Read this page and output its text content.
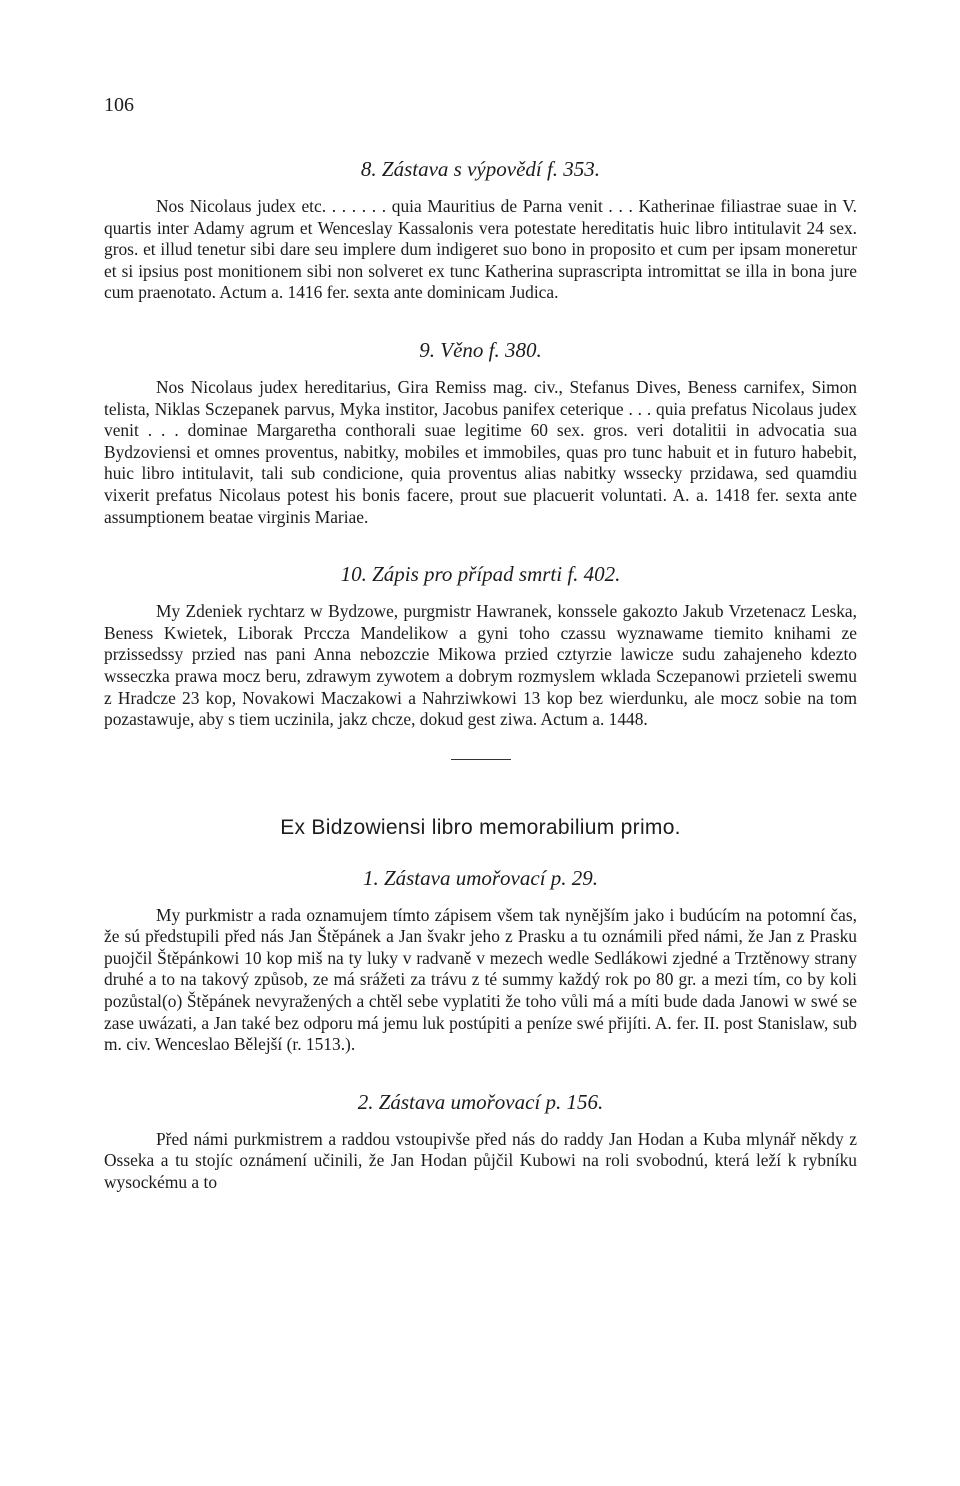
106
8. Zástava s výpovědí f. 353.

Nos Nicolaus judex etc. . . . . . . quia Mauritius de Parna venit . . . Katherinae filiastrae suae in V. quartis inter Adamy agrum et Wenceslay Kassalonis vera potestate hereditatis huic libro intitulavit 24 sex. gros. et illud tenetur sibi dare seu implere dum indigeret suo bono in proposito et cum per ipsam moneretur et si ipsius post monitionem sibi non solveret ex tunc Katherina suprascripta intromittat se illa in bona jure cum praenotato. Actum a. 1416 fer. sexta ante dominicam Judica.

9. Věno f. 380.

Nos Nicolaus judex hereditarius, Gira Remiss mag. civ., Stefanus Dives, Beness carnifex, Simon telista, Niklas Sczepanek parvus, Myka institor, Jacobus panifex ceterique . . . quia prefatus Nicolaus judex venit . . . dominae Margaretha conthorali suae legitime 60 sex. gros. veri dotalitii in advocatia sua Bydzoviensi et omnes proventus, nabitky, mobiles et immobiles, quas pro tunc habuit et in futuro habebit, huic libro intitulavit, tali sub condicione, quia proventus alias nabitky wssecky przidawa, sed quamdiu vixerit prefatus Nicolaus potest his bonis facere, prout sue placuerit voluntati. A. a. 1418 fer. sexta ante assumptionem beatae virginis Mariae.

10. Zápis pro případ smrti f. 402.

My Zdeniek rychtarz w Bydzowe, purgmistr Hawranek, konssele gakozto Jakub Vrzetenacz Leska, Beness Kwietek, Liborak Prccza Mandelikow a gyni toho czassu wyznawame tiemito knihami ze przissedssy przied nas pani Anna nebozczie Mikowa przied cztyrzie lawicze sudu zahajeneho kdezto wsseczka prawa mocz beru, zdrawym zywotem a dobrym rozmyslem wklada Sczepanowi przieteli swemu z Hradcze 23 kop, Novakowi Maczakowi a Nahrziwkowi 13 kop bez wierdunku, ale mocz sobie na tom pozastawuje, aby s tiem uczinila, jakz chcze, dokud gest ziwa. Actum a. 1448.

Ex Bidzowiensi libro memorabilium primo.
1. Zástava umořovací p. 29.

My purkmistr a rada oznamujem tímto zápisem všem tak nynějším jako i budúcím na potomní čas, že sú předstupili před nás Jan Štěpánek a Jan švakr jeho z Prasku a tu oznámili před námi, že Jan z Prasku puojčil Štěpánkowi 10 kop miš na ty luky v radvaně v mezech wedle Sedlákowi zjedné a Trztěnowy strany druhé a to na takový způsob, ze má srážeti za trávu z té summy každý rok po 80 gr. a mezi tím, co by koli pozůstal(o) Štěpánek nevyražených a chtěl sebe vyplatiti že toho vůli má a míti bude dada Janowi w swé se zase uwázati, a Jan také bez odporu má jemu luk postúpiti a peníze swé přijíti. A. fer. II. post Stanislaw, sub m. civ. Wenceslao Bělejší (r. 1513.).

2. Zástava umořovací p. 156.

Před námi purkmistrem a raddou vstoupivše před nás do raddy Jan Hodan a Kuba mlynář někdy z Osseka a tu stojíc oznámení učinili, že Jan Hodan půjčil Kubowi na roli svobodnú, která leží k rybníku wysockému a to
